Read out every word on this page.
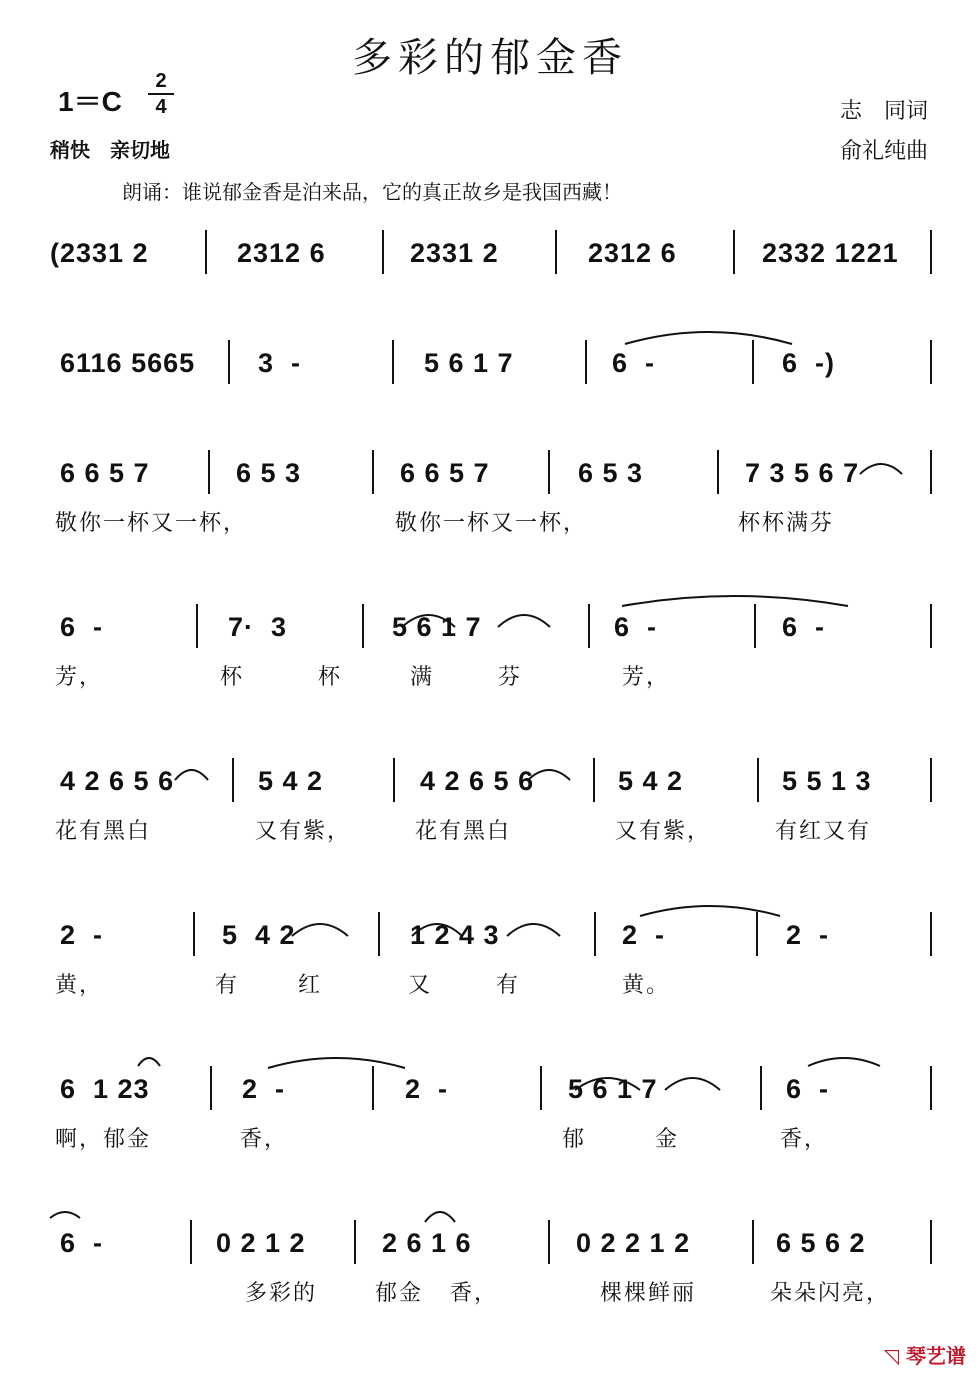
多彩的郁金香
1＝C
2
4
稍快　亲切地
志　同词
俞礼纯曲
朗诵：谁说郁金香是泊来品，它的真正故乡是我国西藏！
(2331 2	2312 6	2331 2	2312 6	2332 1221
6116 5665 3  -	5 6 1 7	6  -	6  -)
6 6 5 7	6 5 3	6 6 5 7	6 5 3	7 3 5 6 7
敬你一杯又一杯，	敬你一杯又一杯，	杯杯满芬
6  -	7·  3	5 6 1 7	6  -	6  -
芳，	杯	杯	满	芬	芳，
4 2 6 5 6	5 4 2	4 2 6 5 6	5 4 2	5 5 1 3
花有黑白	又有紫，	花有黑白	又有紫，	有红又有
2  -	5  4 2	1 2 4 3	2  -	2  -
黄，	有	红	又	有	黄。
6  1 23	2  -	2  -	5 6 1 7	6  -
啊，郁金	香，	郁	金	香，
6  -	0 2 1 2	2 6 1 6	0 2 2 1 2	6 5 6 2
多彩的	郁金 香，	棵棵鲜丽	朵朵闪亮，
◹ 琴艺谱
